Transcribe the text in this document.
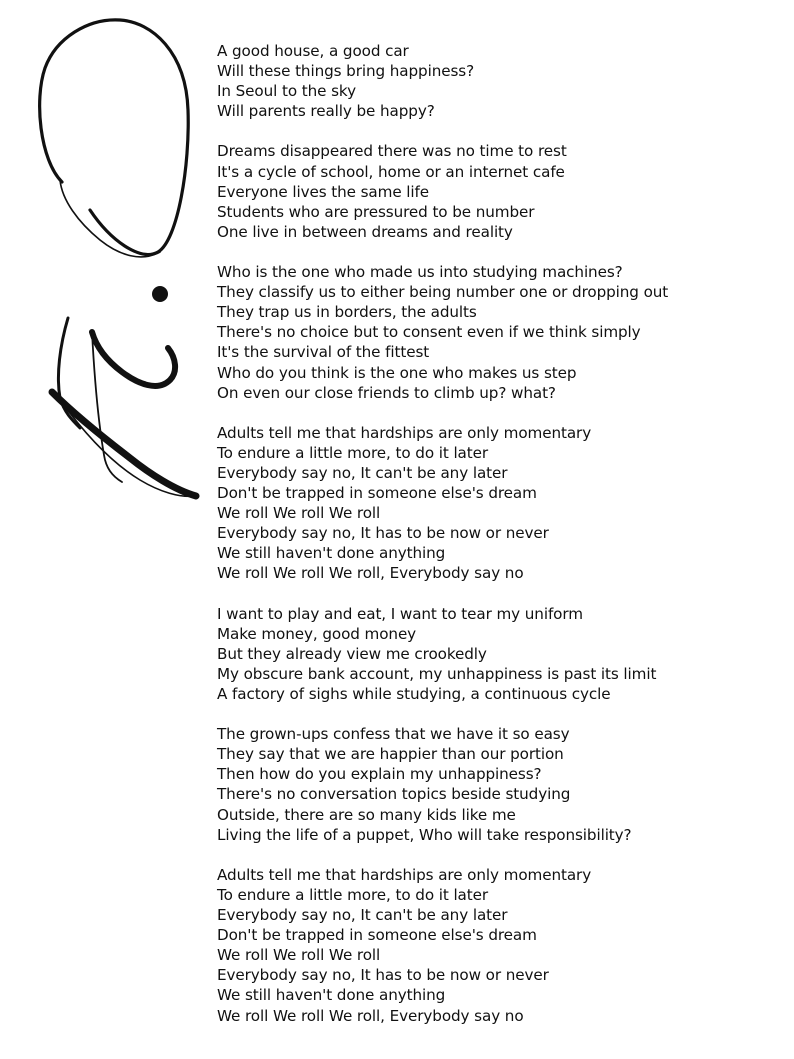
A good house, a good car
Will these things bring happiness?
In Seoul to the sky
Will parents really be happy?
Dreams disappeared there was no time to rest
It's a cycle of school, home or an internet cafe
Everyone lives the same life
Students who are pressured to be number
One live in between dreams and reality
Who is the one who made us into studying machines?
They classify us to either being number one or dropping out
They trap us in borders, the adults
There's no choice but to consent even if we think simply
It's the survival of the fittest
Who do you think is the one who makes us step
On even our close friends to climb up? what?
Adults tell me that hardships are only momentary
To endure a little more, to do it later
Everybody say no, It can't be any later
Don't be trapped in someone else's dream
We roll We roll We roll
Everybody say no, It has to be now or never
We still haven't done anything
We roll We roll We roll, Everybody say no
I want to play and eat, I want to tear my uniform
Make money, good money
But they already view me crookedly
My obscure bank account, my unhappiness is past its limit
A factory of sighs while studying, a continuous cycle
The grown-ups confess that we have it so easy
They say that we are happier than our portion
Then how do you explain my unhappiness?
There's no conversation topics beside studying
Outside, there are so many kids like me
Living the life of a puppet, Who will take responsibility?
Adults tell me that hardships are only momentary
To endure a little more, to do it later
Everybody say no, It can't be any later
Don't be trapped in someone else's dream
We roll We roll We roll
Everybody say no, It has to be now or never
We still haven't done anything
We roll We roll We roll, Everybody say no
